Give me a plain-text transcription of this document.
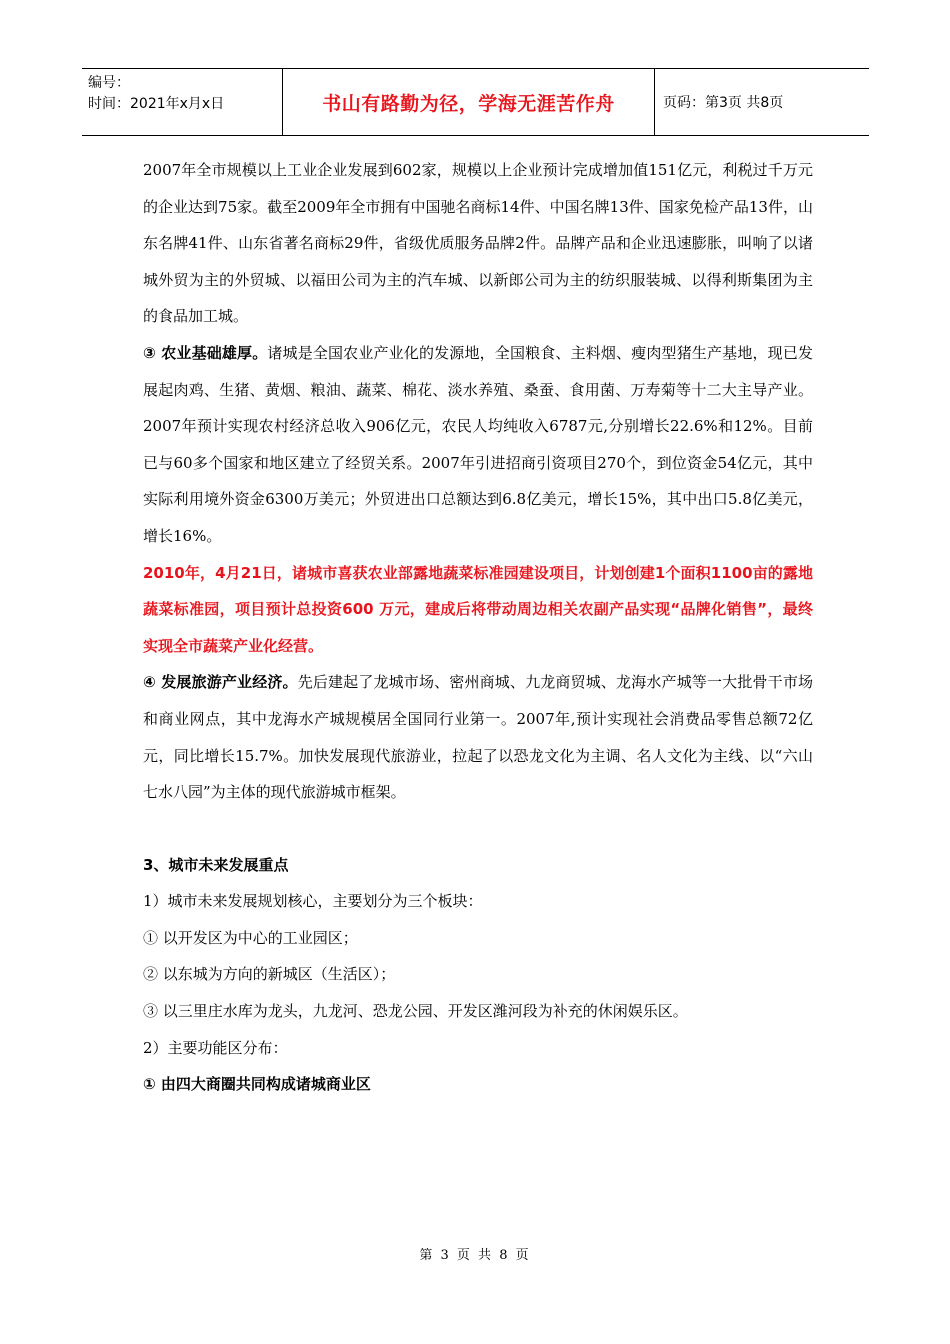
编号：
时间：2021年x月x日	书山有路勤为径，学海无涯苦作舟	页码：第3页 共8页

2007年全市规模以上工业企业发展到602家，规模以上企业预计完成增加值151亿元，利税过千万元的企业达到75家。截至2009年全市拥有中国驰名商标14件、中国名牌13件、国家免检产品13件，山东名牌41件、山东省著名商标29件，省级优质服务品牌2件。品牌产品和企业迅速膨胀，叫响了以诸城外贸为主的外贸城、以福田公司为主的汽车城、以新郎公司为主的纺织服装城、以得利斯集团为主的食品加工城。

③ 农业基础雄厚。诸城是全国农业产业化的发源地，全国粮食、主料烟、瘦肉型猪生产基地，现已发展起肉鸡、生猪、黄烟、粮油、蔬菜、棉花、淡水养殖、桑蚕、食用菌、万寿菊等十二大主导产业。2007年预计实现农村经济总收入906亿元，农民人均纯收入6787元,分别增长22.6%和12%。目前已与60多个国家和地区建立了经贸关系。2007年引进招商引资项目270个，到位资金54亿元，其中实际利用境外资金6300万美元；外贸进出口总额达到6.8亿美元，增长15%，其中出口5.8亿美元，增长16%。

2010年，4月21日，诸城市喜获农业部露地蔬菜标准园建设项目，计划创建1个面积1100亩的露地蔬菜标准园，项目预计总投资600 万元，建成后将带动周边相关农副产品实现“品牌化销售”，最终实现全市蔬菜产业化经营。

④ 发展旅游产业经济。先后建起了龙城市场、密州商城、九龙商贸城、龙海水产城等一大批骨干市场和商业网点，其中龙海水产城规模居全国同行业第一。2007年,预计实现社会消费品零售总额72亿元，同比增长15.7%。加快发展现代旅游业，拉起了以恐龙文化为主调、名人文化为主线、以“六山七水八园”为主体的现代旅游城市框架。

3、城市未来发展重点

1）城市未来发展规划核心，主要划分为三个板块：

① 以开发区为中心的工业园区；

② 以东城为方向的新城区（生活区）；

③ 以三里庄水库为龙头，九龙河、恐龙公园、开发区潍河段为补充的休闲娱乐区。

2）主要功能区分布：

① 由四大商圈共同构成诸城商业区

第 3 页 共 8 页
